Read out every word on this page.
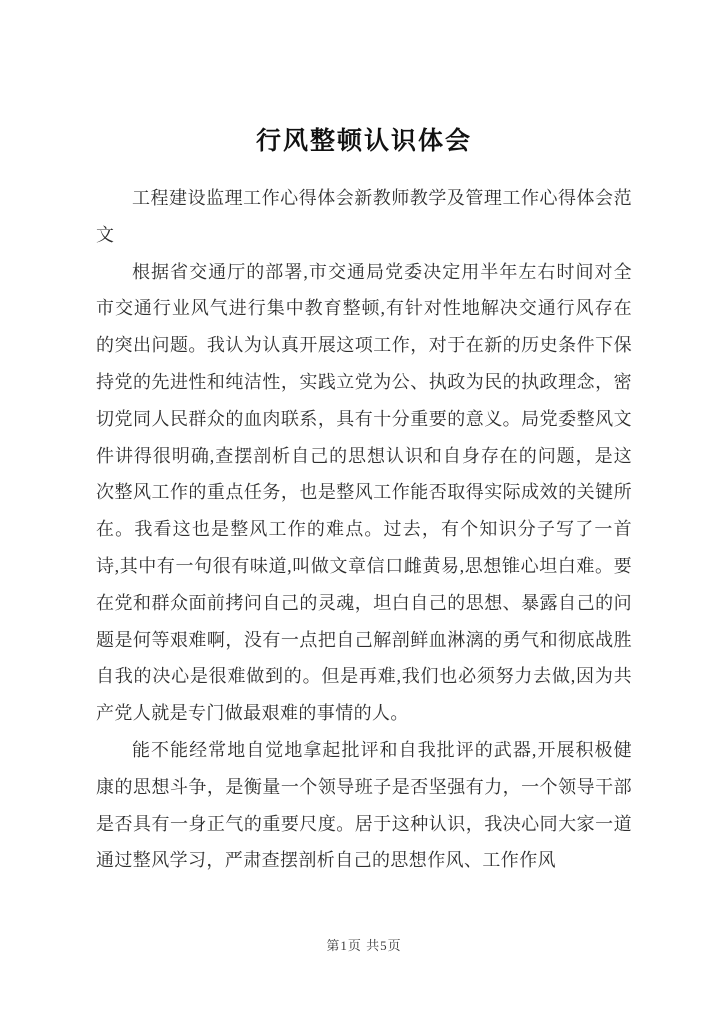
行风整顿认识体会

工程建设监理工作心得体会新教师教学及管理工作心得体会范文

根据省交通厅的部署,市交通局党委决定用半年左右时间对全市交通行业风气进行集中教育整顿,有针对性地解决交通行风存在的突出问题。我认为认真开展这项工作，对于在新的历史条件下保持党的先进性和纯洁性，实践立党为公、执政为民的执政理念，密切党同人民群众的血肉联系，具有十分重要的意义。局党委整风文件讲得很明确,查摆剖析自己的思想认识和自身存在的问题，是这次整风工作的重点任务，也是整风工作能否取得实际成效的关键所在。我看这也是整风工作的难点。过去，有个知识分子写了一首诗,其中有一句很有味道,叫做文章信口雌黄易,思想锥心坦白难。要在党和群众面前拷问自己的灵魂，坦白自己的思想、暴露自己的问题是何等艰难啊，没有一点把自己解剖鲜血淋漓的勇气和彻底战胜自我的决心是很难做到的。但是再难,我们也必须努力去做,因为共产党人就是专门做最艰难的事情的人。

能不能经常地自觉地拿起批评和自我批评的武器,开展积极健康的思想斗争，是衡量一个领导班子是否坚强有力，一个领导干部是否具有一身正气的重要尺度。居于这种认识，我决心同大家一道通过整风学习，严肃查摆剖析自己的思想作风、工作作风

第1页 共5页
